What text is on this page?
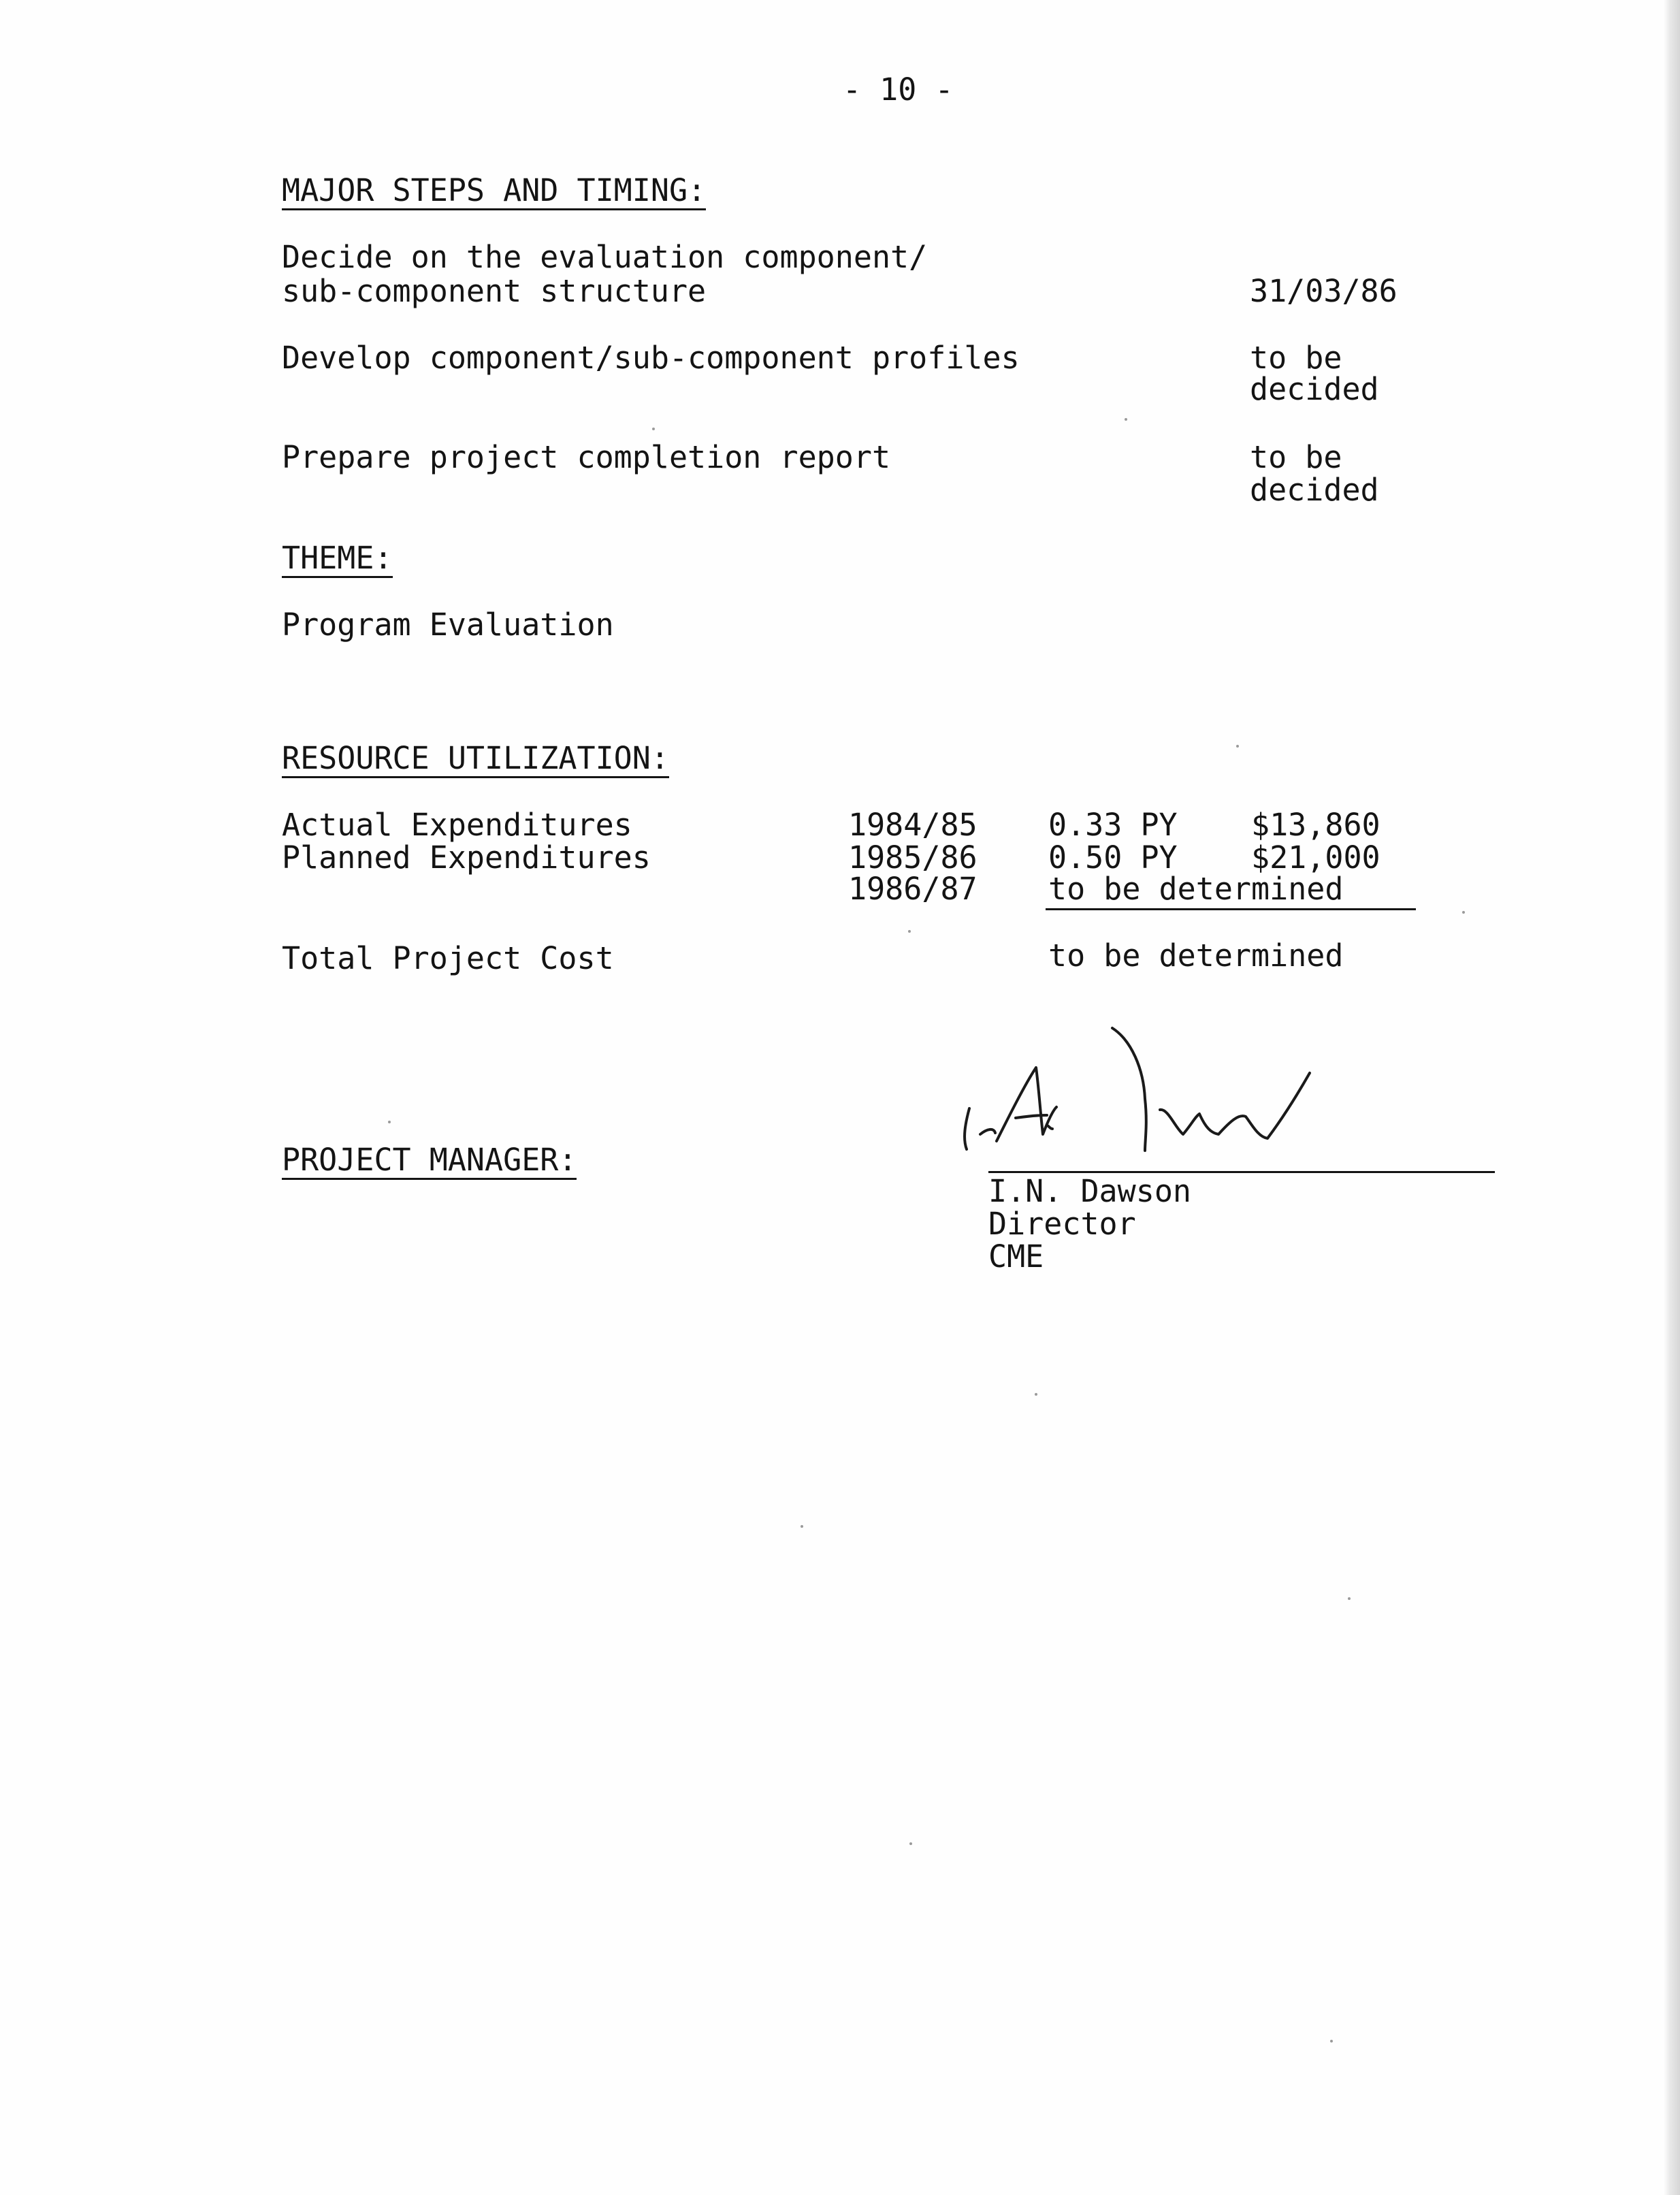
- 10 -
MAJOR STEPS AND TIMING:
Decide on the evaluation component/
sub-component structure	31/03/86
Develop component/sub-component profiles	to be
decided
Prepare project completion report	to be
decided
THEME:
Program Evaluation
RESOURCE UTILIZATION:
Actual Expenditures	1984/85 0.33 PY $13,860
Planned Expenditures	1985/86 0.50 PY $21,000
1986/87 to be determined
Total Project Cost	to be determined
PROJECT MANAGER:
I.N. Dawson
Director
CME
